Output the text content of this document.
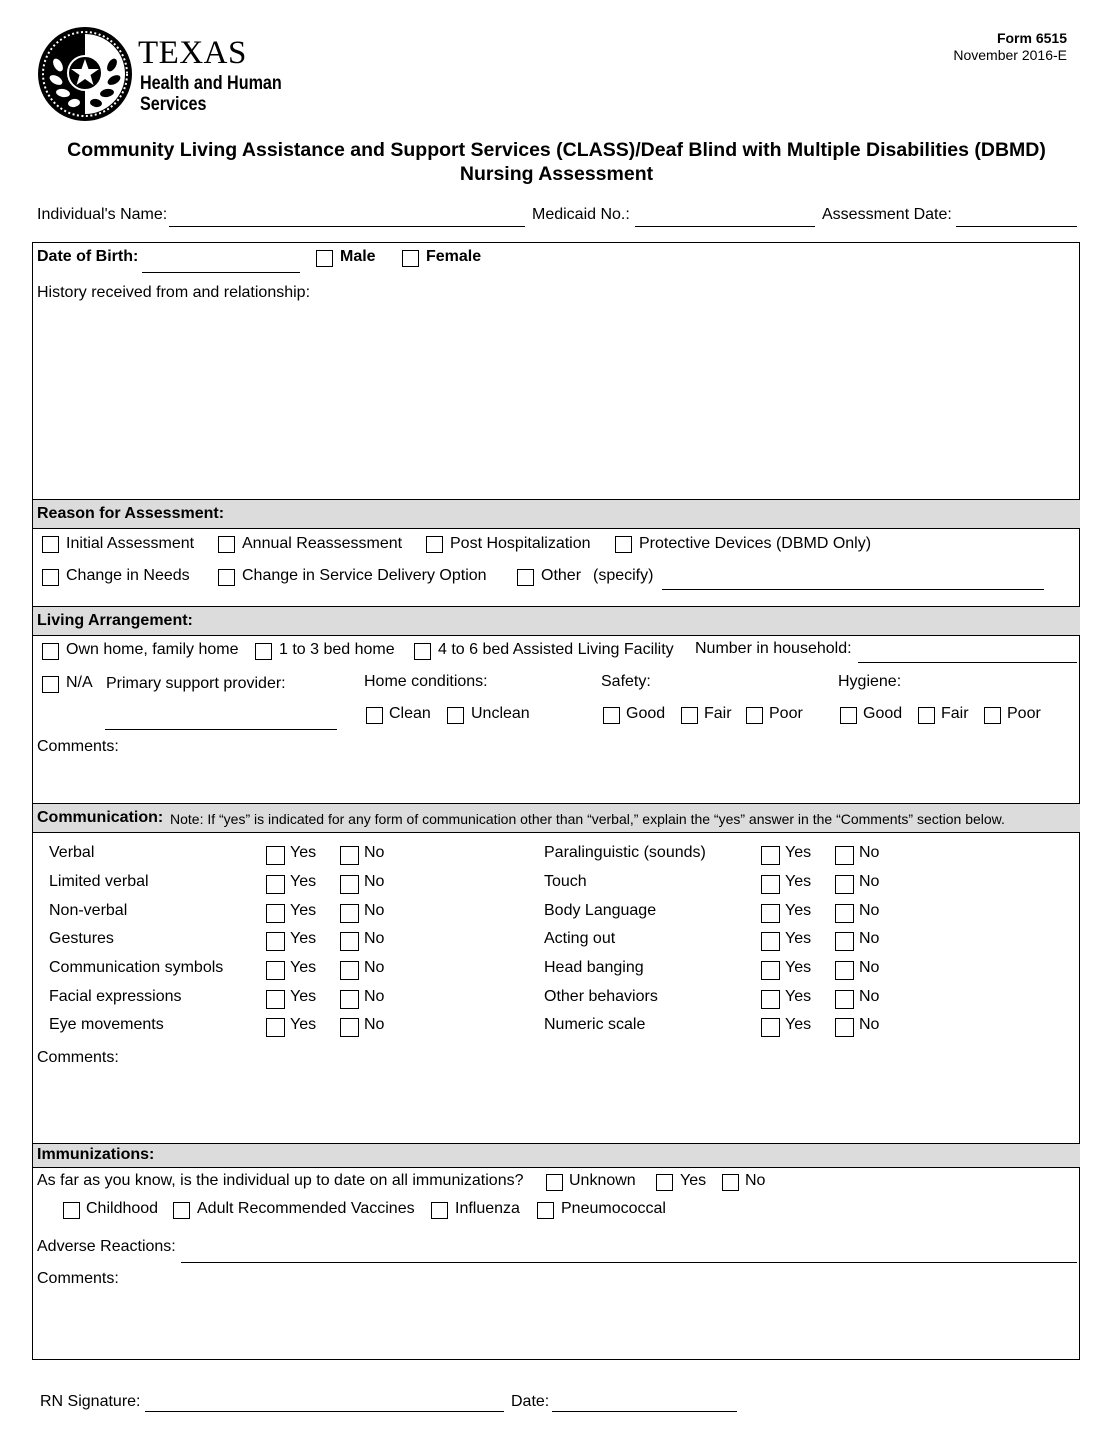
TEXAS
Health and Human
Services
Form 6515
November 2016-E
Community Living Assistance and Support Services (CLASS)/Deaf Blind with Multiple Disabilities (DBMD)
Nursing Assessment
Individual's Name:	Medicaid No.:	Assessment Date:
Date of Birth:	Male	Female
History received from and relationship:
Reason for Assessment:
Initial Assessment	Annual Reassessment	Post Hospitalization	Protective Devices (DBMD Only)
Change in Needs	Change in Service Delivery Option	Other (specify)
Living Arrangement:
Own home, family home	1 to 3 bed home	4 to 6 bed Assisted Living Facility Number in household:
N/A Primary support provider:	Home conditions:
Clean	Unclean
Safety:
Good Fair Poor
Hygiene:
Good Fair Poor
Comments:
Communication: Note: If “yes” is indicated for any form of communication other than “verbal,” explain the “yes” answer in the “Comments” section below.
Verbal	Yes	No
Limited verbal	Yes	No
Non-verbal	Yes	No
Gestures	Yes	No
Communication symbols	Yes	No
Facial expressions	Yes	No
Eye movements	Yes	No
Paralinguistic (sounds)	Yes	No
Touch	Yes	No
Body Language	Yes	No
Acting out	Yes	No
Head banging	Yes	No
Other behaviors	Yes	No
Numeric scale	Yes	No
Comments:
Immunizations:
As far as you know, is the individual up to date on all immunizations?	Unknown	Yes No
Childhood Adult Recommended Vaccines	Influenza	Pneumococcal
Adverse Reactions:
Comments:
RN Signature:	Date:
